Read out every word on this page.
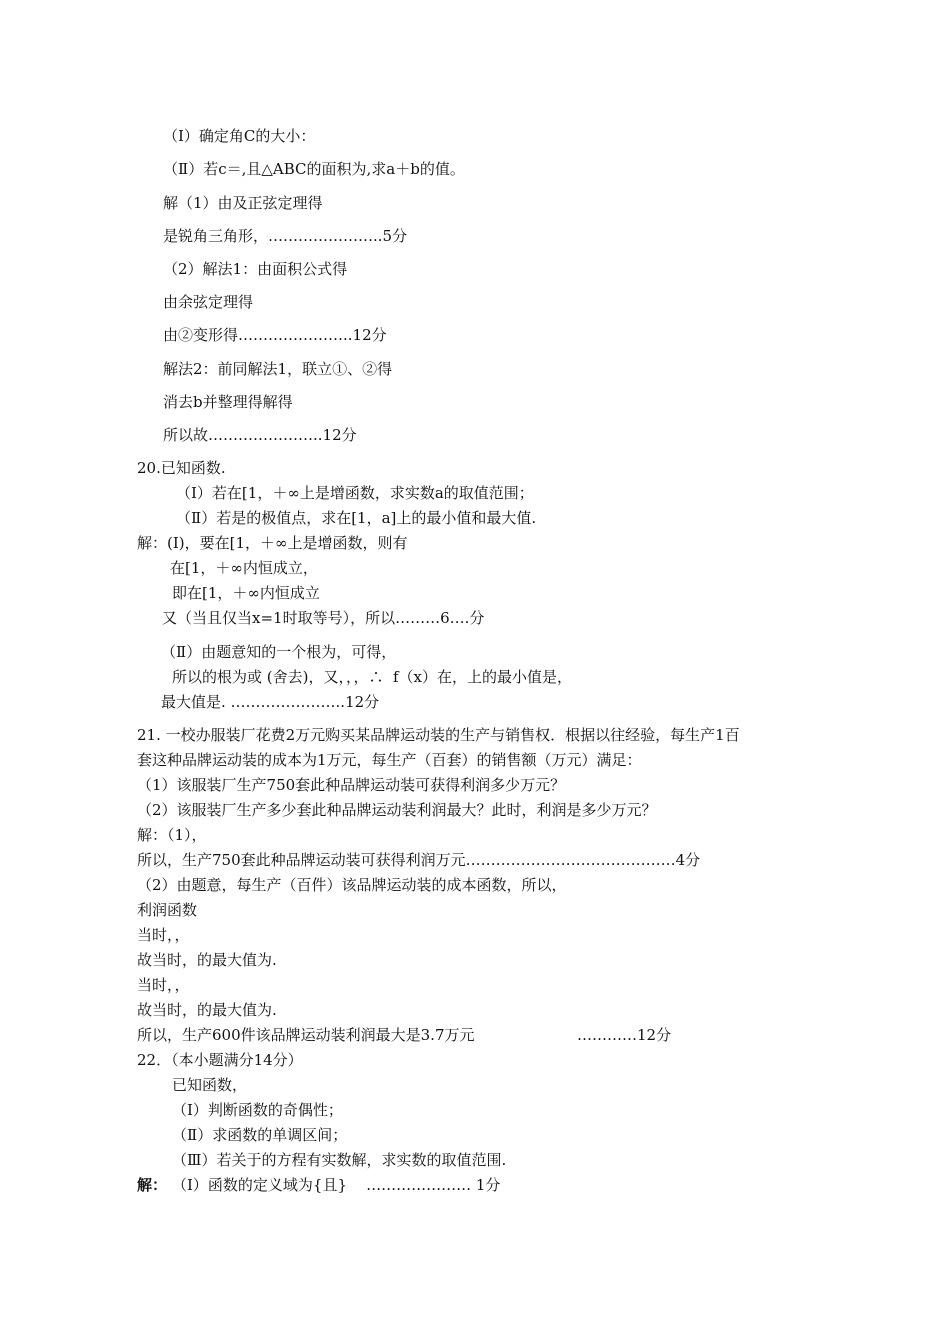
（Ⅰ）确定角C的大小：
（Ⅱ）若c＝,且△ABC的面积为,求a＋b的值。
解（1）由及正弦定理得
是锐角三角形，…………………..5分
（2）解法1：由面积公式得
由余弦定理得
由②变形得…………………..12分
解法2：前同解法1，联立①、②得
消去b并整理得解得
所以故…………………..12分
20.已知函数.
（Ⅰ）若在[1，＋∞上是增函数，求实数a的取值范围；
（Ⅱ）若是的极值点，求在[1，a]上的最小值和最大值.
解：(Ⅰ)，要在[1，＋∞上是增函数，则有
在[1，＋∞内恒成立，
即在[1，＋∞内恒成立
又（当且仅当x=1时取等号），所以………6….分
（Ⅱ）由题意知的一个根为，可得，
所以的根为或 (舍去)，又，，，∴  f（x）在，上的最小值是，
最大值是. …………………..12分
21. 一校办服装厂花费2万元购买某品牌运动装的生产与销售权．根据以往经验，每生产1百
套这种品牌运动装的成本为1万元，每生产（百套）的销售额（万元）满足：
（1）该服装厂生产750套此种品牌运动装可获得利润多少万元？
（2）该服装厂生产多少套此种品牌运动装利润最大？此时，利润是多少万元？
解：（1），
所以，生产750套此种品牌运动装可获得利润万元……………………………………4分
（2）由题意，每生产（百件）该品牌运动装的成本函数，所以，
利润函数
当时，，
故当时，的最大值为.
当时，，
故当时，的最大值为.
所以，生产600件该品牌运动装利润最大是3.7万元	…………12分
22．（本小题满分14分）
已知函数，
（Ⅰ）判断函数的奇偶性；
（Ⅱ）求函数的单调区间；
（Ⅲ）若关于的方程有实数解，求实数的取值范围.
解： （Ⅰ）函数的定义域为{且}    ………………… 1分
